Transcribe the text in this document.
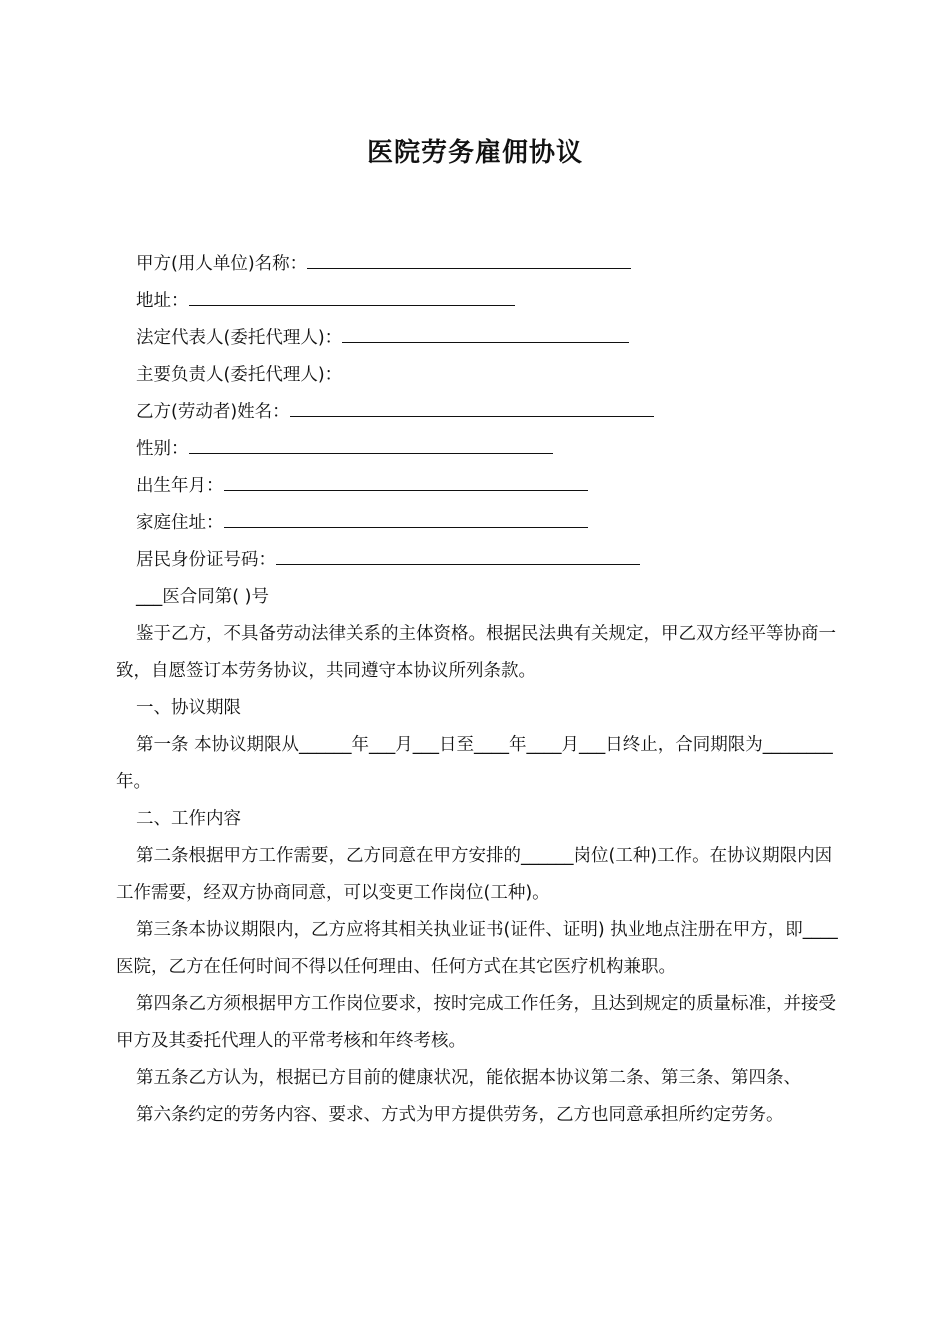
医院劳务雇佣协议
甲方(用人单位)名称：
地址：
法定代表人(委托代理人)：
主要负责人(委托代理人)：
乙方(劳动者)姓名：
性别：
出生年月：
家庭住址：
居民身份证号码：
___医合同第( )号
鉴于乙方，不具备劳动法律关系的主体资格。根据民法典有关规定，甲乙双方经平等协商一致，自愿签订本劳务协议，共同遵守本协议所列条款。
一、协议期限
第一条 本协议期限从______年___月___日至____年____月___日终止，合同期限为________年。
二、工作内容
第二条根据甲方工作需要，乙方同意在甲方安排的______岗位(工种)工作。在协议期限内因工作需要，经双方协商同意，可以变更工作岗位(工种)。
第三条本协议期限内，乙方应将其相关执业证书(证件、证明) 执业地点注册在甲方，即____医院，乙方在任何时间不得以任何理由、任何方式在其它医疗机构兼职。
第四条乙方须根据甲方工作岗位要求，按时完成工作任务，且达到规定的质量标准，并接受甲方及其委托代理人的平常考核和年终考核。
第五条乙方认为，根据已方目前的健康状况，能依据本协议第二条、第三条、第四条、
第六条约定的劳务内容、要求、方式为甲方提供劳务，乙方也同意承担所约定劳务。
